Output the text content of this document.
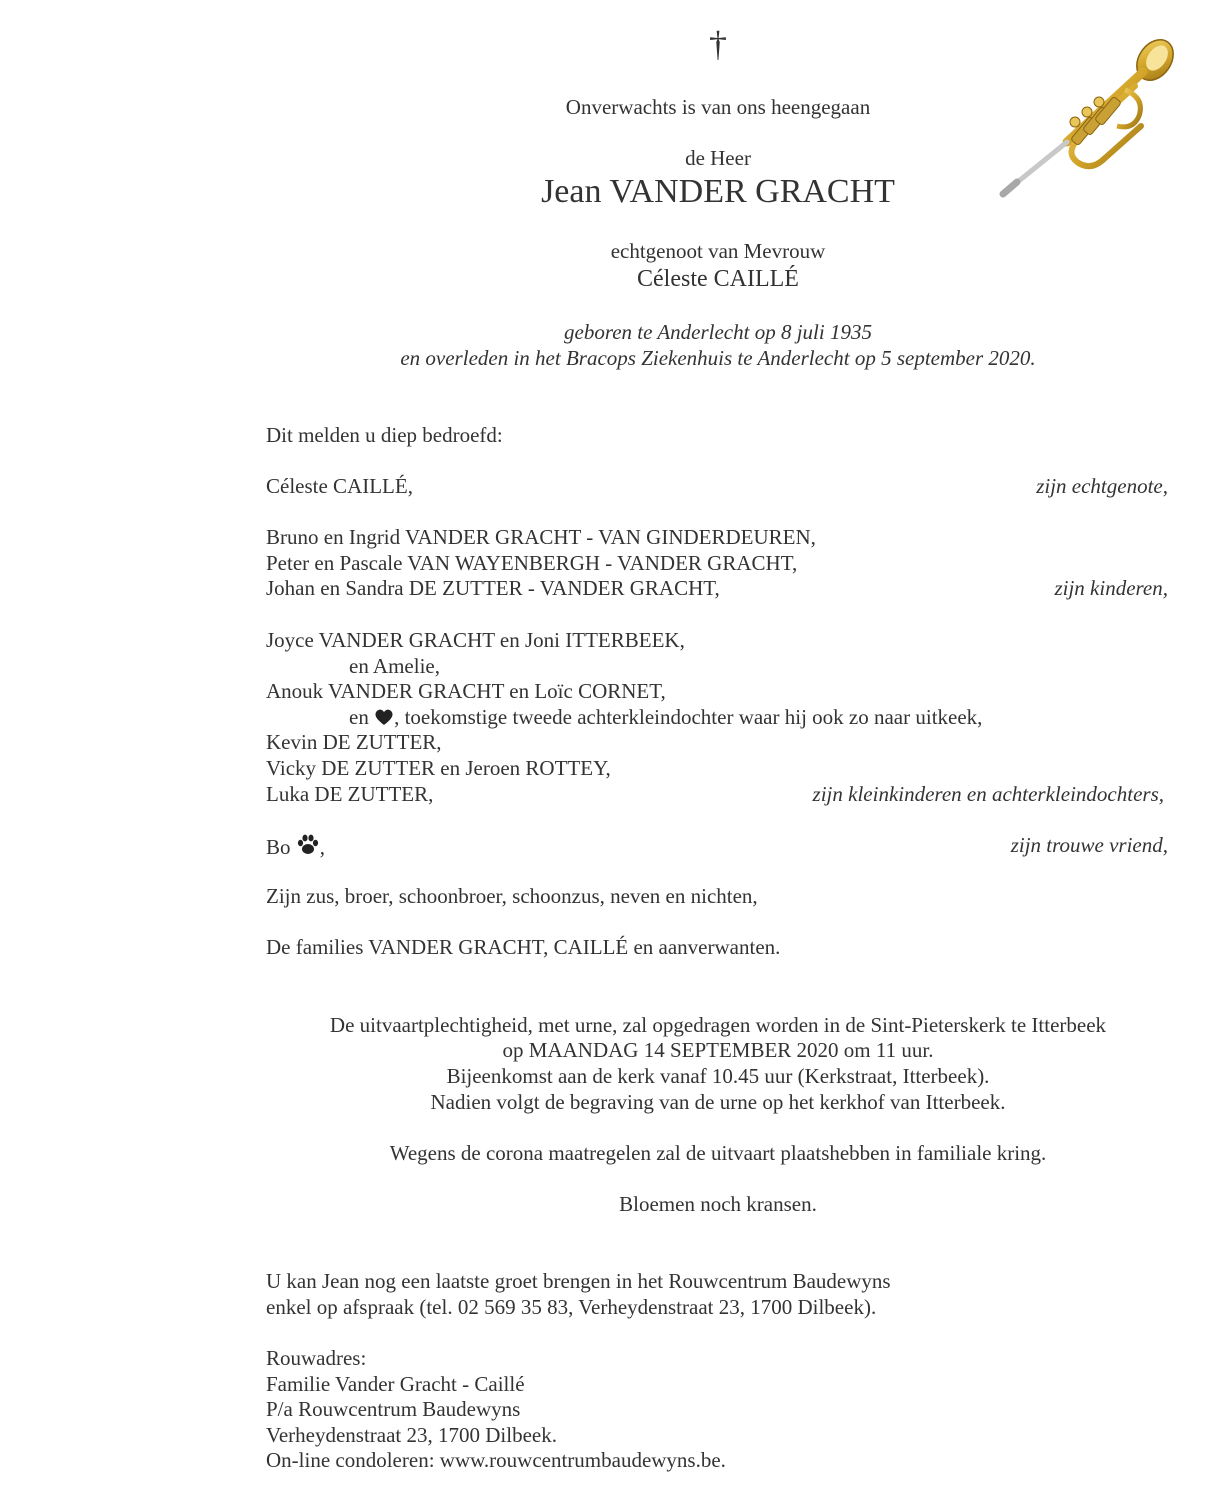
†
Onverwachts is van ons heengegaan
de Heer
Jean VANDER GRACHT
echtgenoot van Mevrouw
Céleste CAILLÉ
geboren te Anderlecht op 8 juli 1935
en overleden in het Bracops Ziekenhuis te Anderlecht op 5 september 2020.
Dit melden u diep bedroefd:
Céleste CAILLÉ,	zijn echtgenote,
Bruno en Ingrid VANDER GRACHT - VAN GINDERDEUREN,
Peter en Pascale VAN WAYENBERGH - VANDER GRACHT,
Johan en Sandra DE ZUTTER - VANDER GRACHT,	zijn kinderen,
Joyce VANDER GRACHT en Joni ITTERBEEK,
en Amelie,
Anouk VANDER GRACHT en Loïc CORNET,
en , toekomstige tweede achterkleindochter waar hij ook zo naar uitkeek,
Kevin DE ZUTTER,
Vicky DE ZUTTER en Jeroen ROTTEY,
Luka DE ZUTTER,	zijn kleinkinderen en achterkleindochters,
Bo ,	zijn trouwe vriend,
Zijn zus, broer, schoonbroer, schoonzus, neven en nichten,
De families VANDER GRACHT, CAILLÉ en aanverwanten.
De uitvaartplechtigheid, met urne, zal opgedragen worden in de Sint-Pieterskerk te Itterbeek
op MAANDAG 14 SEPTEMBER 2020 om 11 uur.
Bijeenkomst aan de kerk vanaf 10.45 uur (Kerkstraat, Itterbeek).
Nadien volgt de begraving van de urne op het kerkhof van Itterbeek.
Wegens de corona maatregelen zal de uitvaart plaatshebben in familiale kring.
Bloemen noch kransen.
U kan Jean nog een laatste groet brengen in het Rouwcentrum Baudewyns
enkel op afspraak (tel. 02 569 35 83, Verheydenstraat 23, 1700 Dilbeek).
Rouwadres:
Familie Vander Gracht - Caillé
P/a Rouwcentrum Baudewyns
Verheydenstraat 23, 1700 Dilbeek.
On-line condoleren: www.rouwcentrumbaudewyns.be.
